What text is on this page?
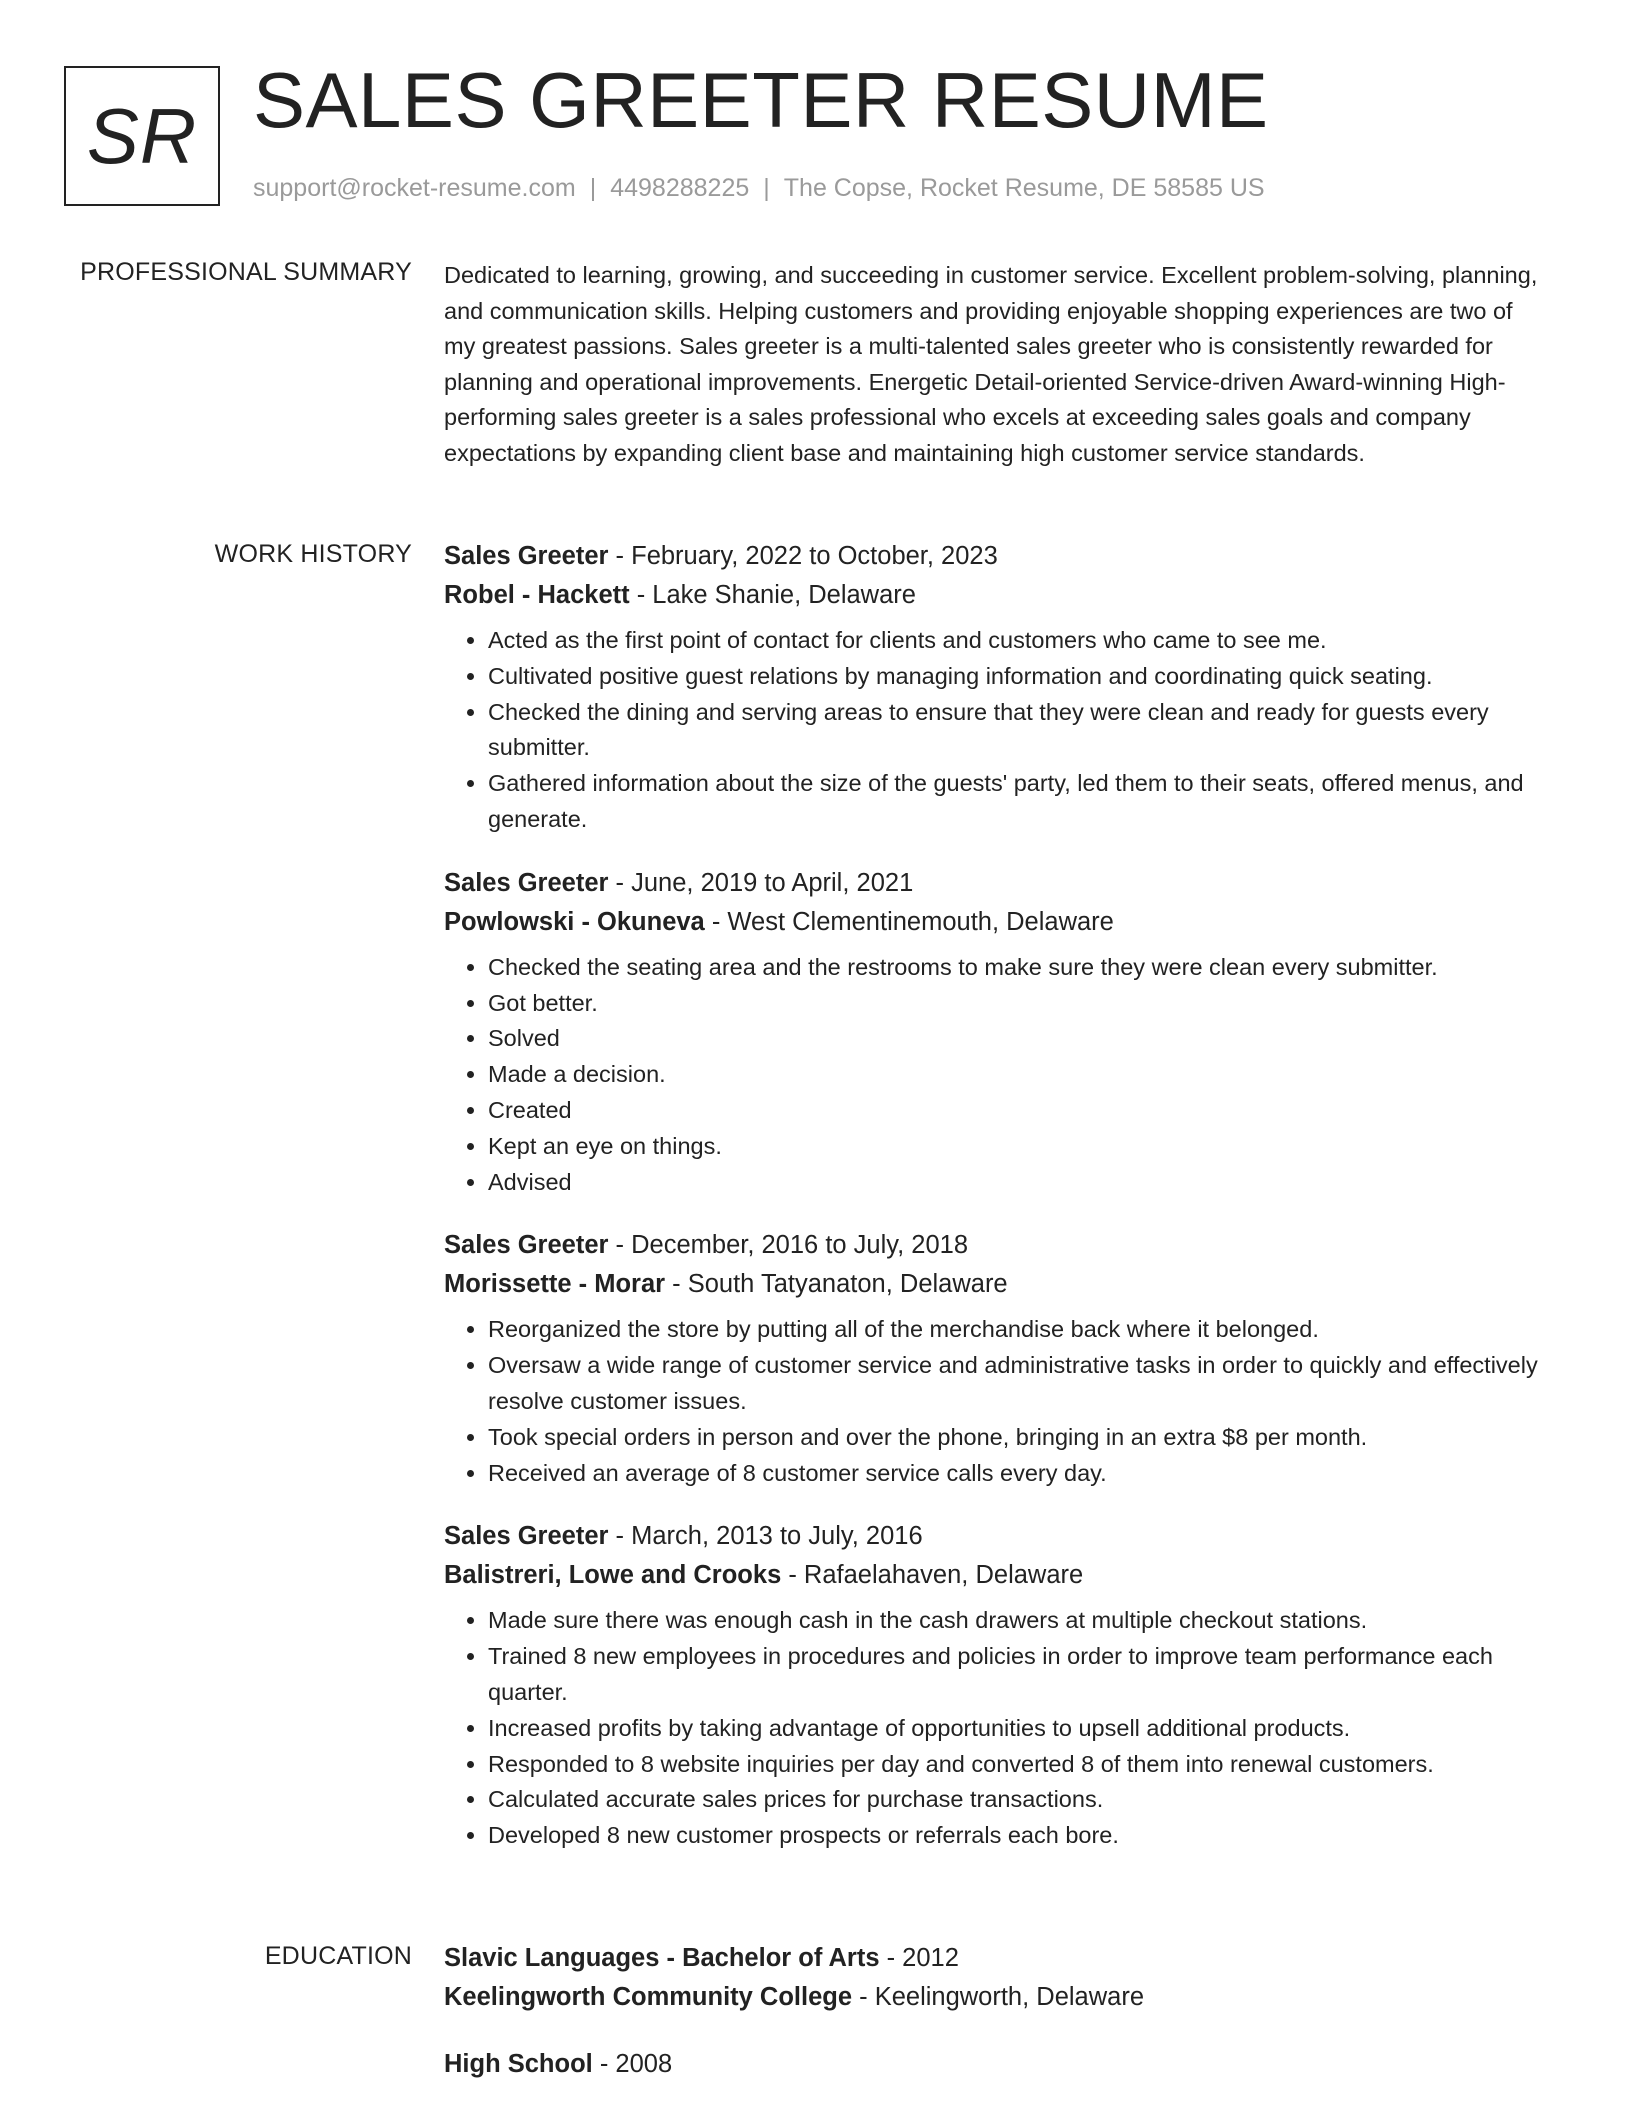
SR SALES GREETER RESUME
support@rocket-resume.com | 4498288225 | The Copse, Rocket Resume, DE 58585 US
PROFESSIONAL SUMMARY Dedicated to learning, growing, and succeeding in customer service. Excellent problem-solving, planning, and communication skills. Helping customers and providing enjoyable shopping experiences are two of my greatest passions. Sales greeter is a multi-talented sales greeter who is consistently rewarded for planning and operational improvements. Energetic Detail-oriented Service-driven Award-winning High-performing sales greeter is a sales professional who excels at exceeding sales goals and company expectations by expanding client base and maintaining high customer service standards.
WORK HISTORY Sales Greeter - February, 2022 to October, 2023
Robel - Hackett - Lake Shanie, Delaware
• Acted as the first point of contact for clients and customers who came to see me.
• Cultivated positive guest relations by managing information and coordinating quick seating.
• Checked the dining and serving areas to ensure that they were clean and ready for guests every submitter.
• Gathered information about the size of the guests' party, led them to their seats, offered menus, and generate.
Sales Greeter - June, 2019 to April, 2021
Powlowski - Okuneva - West Clementinemouth, Delaware
• Checked the seating area and the restrooms to make sure they were clean every submitter.
• Got better.
• Solved
• Made a decision.
• Created
• Kept an eye on things.
• Advised
Sales Greeter - December, 2016 to July, 2018
Morissette - Morar - South Tatyanaton, Delaware
• Reorganized the store by putting all of the merchandise back where it belonged.
• Oversaw a wide range of customer service and administrative tasks in order to quickly and effectively resolve customer issues.
• Took special orders in person and over the phone, bringing in an extra $8 per month.
• Received an average of 8 customer service calls every day.
Sales Greeter - March, 2013 to July, 2016
Balistreri, Lowe and Crooks - Rafaelahaven, Delaware
• Made sure there was enough cash in the cash drawers at multiple checkout stations.
• Trained 8 new employees in procedures and policies in order to improve team performance each quarter.
• Increased profits by taking advantage of opportunities to upsell additional products.
• Responded to 8 website inquiries per day and converted 8 of them into renewal customers.
• Calculated accurate sales prices for purchase transactions.
• Developed 8 new customer prospects or referrals each bore.
EDUCATION Slavic Languages - Bachelor of Arts - 2012
Keelingworth Community College - Keelingworth, Delaware
High School - 2008
